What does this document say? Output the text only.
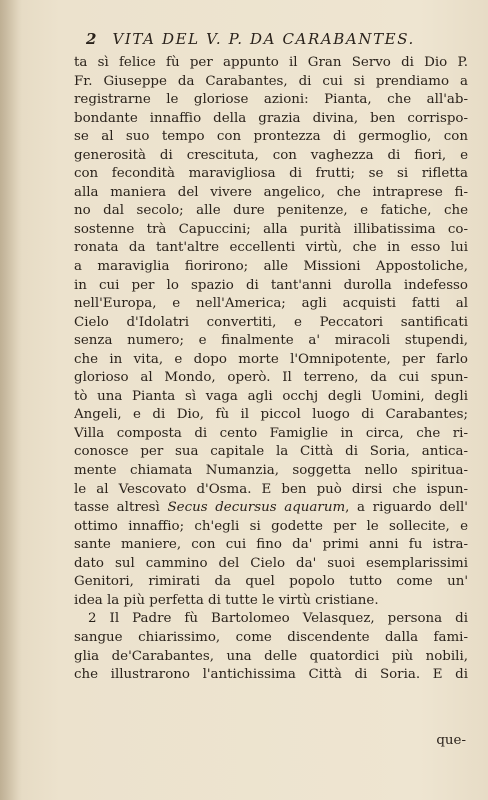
2 VITA DEL V. P. DA CARABANTES.
ta sì felice fù per appunto il Gran Servo di Dio P.
Fr. Giuseppe da Carabantes, di cui si prendiamo a
registrarne le gloriose azioni: Pianta, che all'ab-
bondante innaffio della grazia divina, ben corrispo-
se al suo tempo con prontezza di germoglio, con
generosità di crescituta, con vaghezza di fiori, e
con fecondità maravigliosa di frutti; se si rifletta
alla maniera del vivere angelico, che intraprese fi-
no dal secolo; alle dure penitenze, e fatiche, che
sostenne trà Capuccini; alla purità illibatissima co-
ronata da tant'altre eccellenti virtù, che in esso lui
a maraviglia fiorirono; alle Missioni Appostoliche,
in cui per lo spazio di tant'anni durolla indefesso
nell'Europa, e nell'America; agli acquisti fatti al
Cielo d'Idolatri convertiti, e Peccatori santificati
senza numero; e finalmente a' miracoli stupendi,
che in vita, e dopo morte l'Omnipotente, per farlo
glorioso al Mondo, operò. Il terreno, da cui spun-
tò una Pianta sì vaga agli occhj degli Uomini, degli
Angeli, e di Dio, fù il piccol luogo di Carabantes;
Villa composta di cento Famiglie in circa, che ri-
conosce per sua capitale la Città di Soria, antica-
mente chiamata Numanzia, soggetta nello spiritua-
le al Vescovato d'Osma. E ben può dirsi che ispun-
tasse altresì Secus decursus aquarum, a riguardo dell'
ottimo innaffio; ch'egli si godette per le sollecite, e
sante maniere, con cui fino da' primi anni fu istra-
dato sul cammino del Cielo da' suoi esemplarissimi
Genitori, rimirati da quel popolo tutto come un'
idea la più perfetta di tutte le virtù cristiane.
2 Il Padre fù Bartolomeo Velasquez, persona di
sangue chiarissimo, come discendente dalla fami-
glia de'Carabantes, una delle quatordici più nobili,
che illustrarono l'antichissima Città di Soria. E di
que-
